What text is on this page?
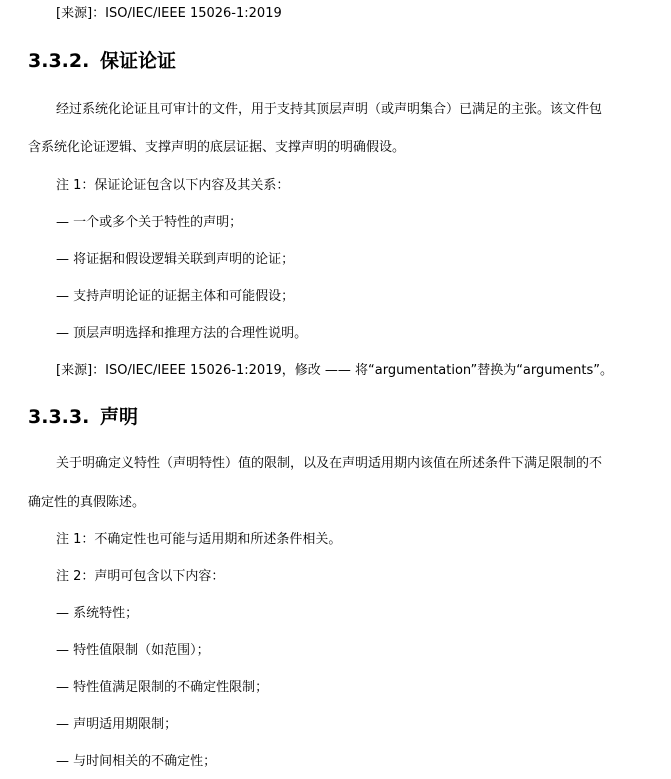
[来源]：ISO/IEC/IEEE 15026-1:2019
3.3.2. 保证论证
经过系统化论证且可审计的文件，用于支持其顶层声明（或声明集合）已满足的主张。该文件包
含系统化论证逻辑、支撑声明的底层证据、支撑声明的明确假设。
注 1：保证论证包含以下内容及其关系：
— 一个或多个关于特性的声明；
— 将证据和假设逻辑关联到声明的论证；
— 支持声明论证的证据主体和可能假设；
— 顶层声明选择和推理方法的合理性说明。
[来源]：ISO/IEC/IEEE 15026-1:2019，修改 —— 将“argumentation”替换为“arguments”。
3.3.3. 声明
关于明确定义特性（声明特性）值的限制，以及在声明适用期内该值在所述条件下满足限制的不
确定性的真假陈述。
注 1：不确定性也可能与适用期和所述条件相关。
注 2：声明可包含以下内容：
— 系统特性；
— 特性值限制（如范围）；
— 特性值满足限制的不确定性限制；
— 声明适用期限制；
— 与时间相关的不确定性；
